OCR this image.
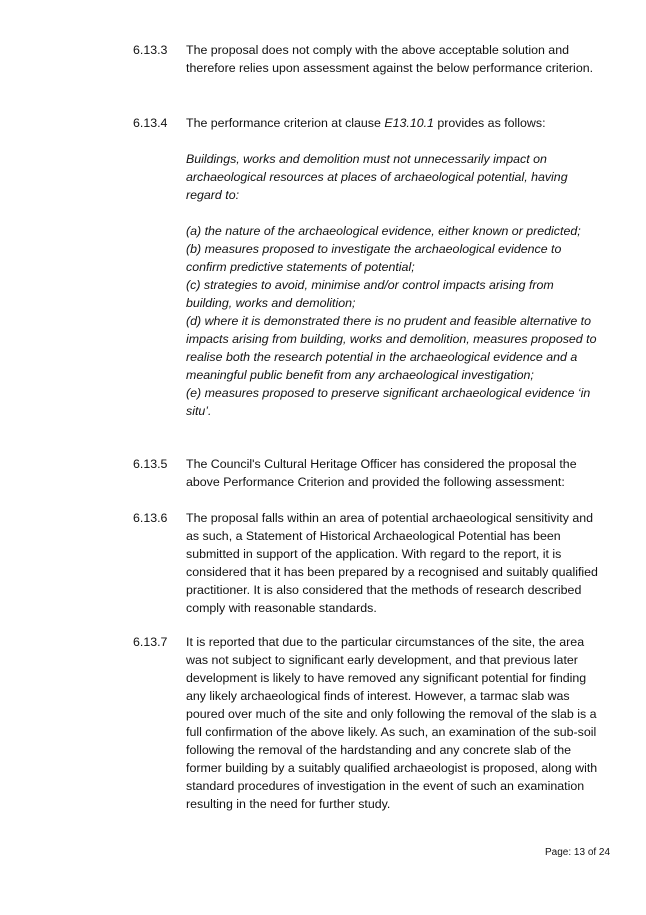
6.13.3	The proposal does not comply with the above acceptable solution and therefore relies upon assessment against the below performance criterion.
6.13.4	The performance criterion at clause E13.10.1 provides as follows:
Buildings, works and demolition must not unnecessarily impact on archaeological resources at places of archaeological potential, having regard to:
(a) the nature of the archaeological evidence, either known or predicted;
(b) measures proposed to investigate the archaeological evidence to confirm predictive statements of potential;
(c) strategies to avoid, minimise and/or control impacts arising from building, works and demolition;
(d) where it is demonstrated there is no prudent and feasible alternative to impacts arising from building, works and demolition, measures proposed to realise both the research potential in the archaeological evidence and a meaningful public benefit from any archaeological investigation;
(e) measures proposed to preserve significant archaeological evidence ‘in situ’.
6.13.5	The Council's Cultural Heritage Officer has considered the proposal the above Performance Criterion and provided the following assessment:
6.13.6	The proposal falls within an area of potential archaeological sensitivity and as such, a Statement of Historical Archaeological Potential has been submitted in support of the application. With regard to the report, it is considered that it has been prepared by a recognised and suitably qualified practitioner. It is also considered that the methods of research described comply with reasonable standards.
6.13.7	It is reported that due to the particular circumstances of the site, the area was not subject to significant early development, and that previous later development is likely to have removed any significant potential for finding any likely archaeological finds of interest. However, a tarmac slab was poured over much of the site and only following the removal of the slab is a full confirmation of the above likely. As such, an examination of the sub-soil following the removal of the hardstanding and any concrete slab of the former building by a suitably qualified archaeologist is proposed, along with standard procedures of investigation in the event of such an examination resulting in the need for further study.
Page: 13 of 24
